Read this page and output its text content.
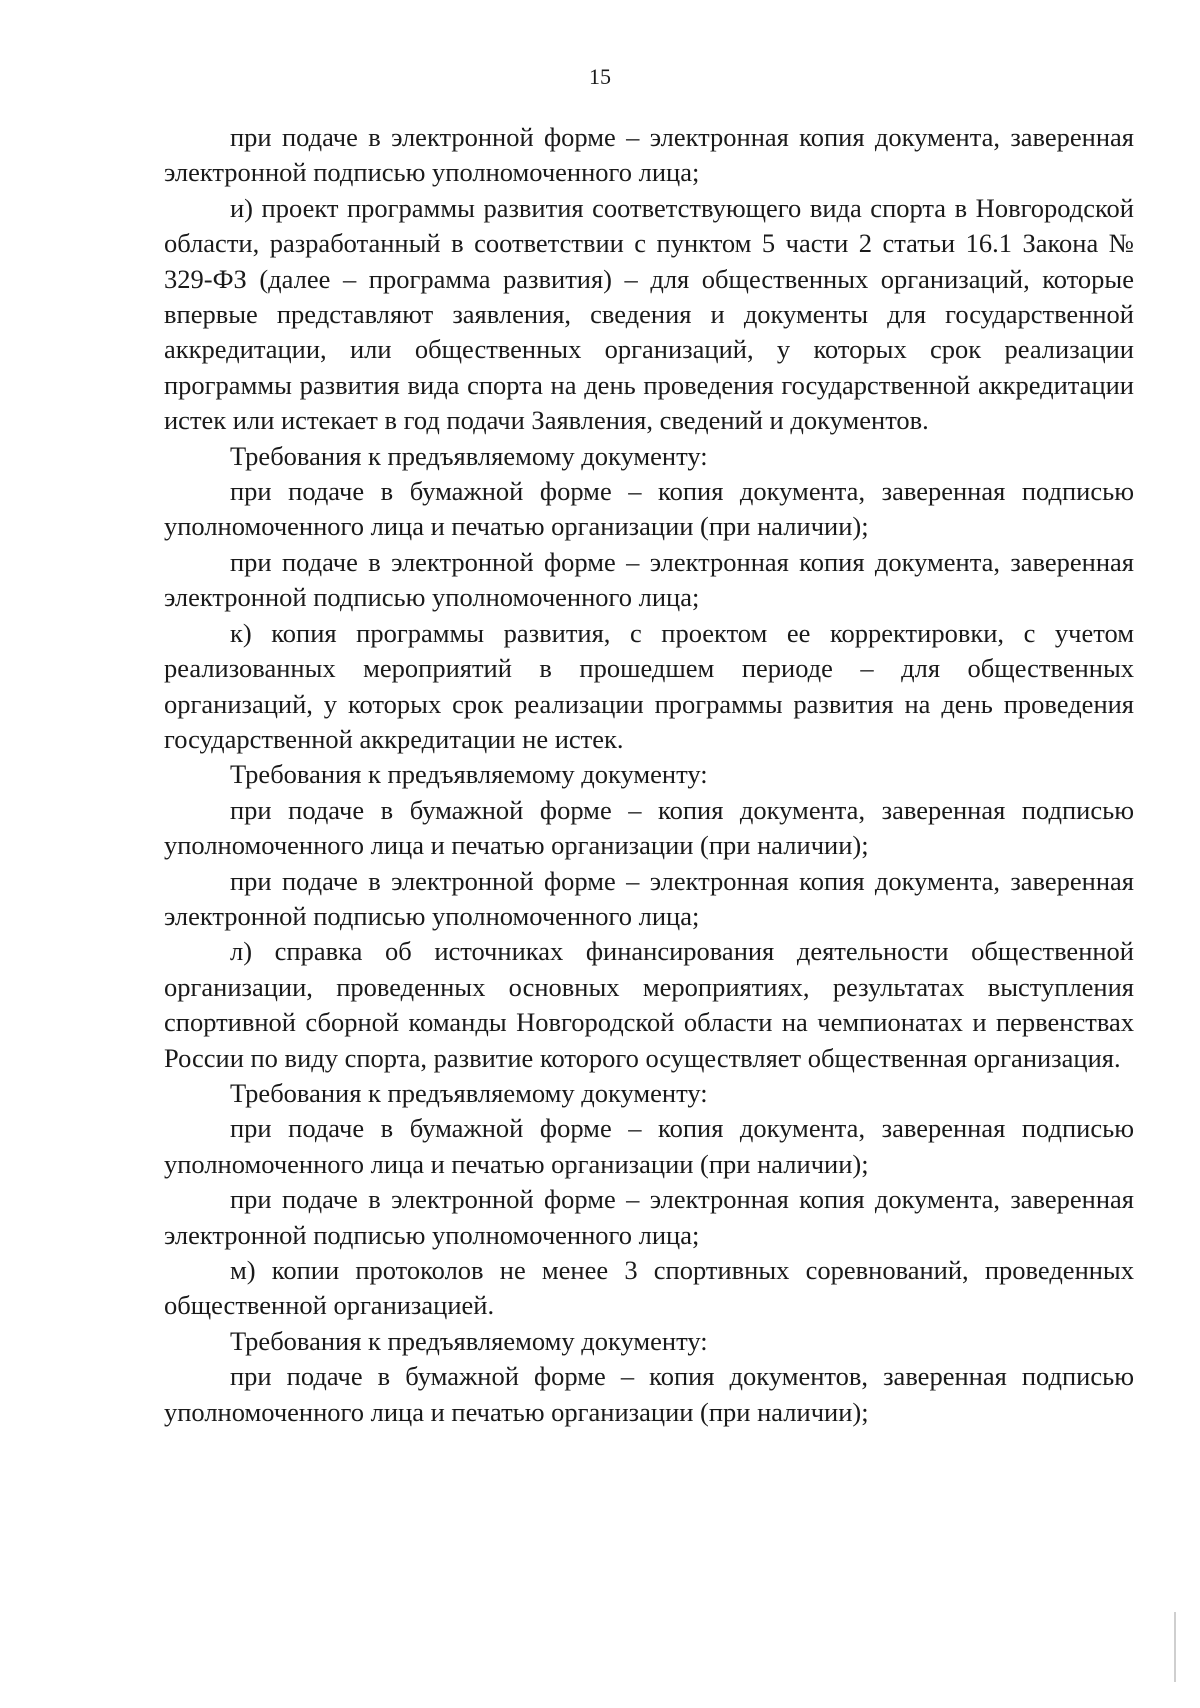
15

при подаче в электронной форме – электронная копия документа, заверенная электронной подписью уполномоченного лица;

и) проект программы развития соответствующего вида спорта в Новгородской области, разработанный в соответствии с пунктом 5 части 2 статьи 16.1 Закона № 329-ФЗ (далее – программа развития) – для общественных организаций, которые впервые представляют заявления, сведения и документы для государственной аккредитации, или общественных организаций, у которых срок реализации программы развития вида спорта на день проведения государственной аккредитации истек или истекает в год подачи Заявления, сведений и документов.

Требования к предъявляемому документу:

при подаче в бумажной форме – копия документа, заверенная подписью уполномоченного лица и печатью организации (при наличии);

при подаче в электронной форме – электронная копия документа, заверенная электронной подписью уполномоченного лица;

к) копия программы развития, с проектом ее корректировки, с учетом реализованных мероприятий в прошедшем периоде – для общественных организаций, у которых срок реализации программы развития на день проведения государственной аккредитации не истек.

Требования к предъявляемому документу:

при подаче в бумажной форме – копия документа, заверенная подписью уполномоченного лица и печатью организации (при наличии);

при подаче в электронной форме – электронная копия документа, заверенная электронной подписью уполномоченного лица;

л) справка об источниках финансирования деятельности общественной организации, проведенных основных мероприятиях, результатах выступления спортивной сборной команды Новгородской области на чемпионатах и первенствах России по виду спорта, развитие которого осуществляет общественная организация.

Требования к предъявляемому документу:

при подаче в бумажной форме – копия документа, заверенная подписью уполномоченного лица и печатью организации (при наличии);

при подаче в электронной форме – электронная копия документа, заверенная электронной подписью уполномоченного лица;

м) копии протоколов не менее 3 спортивных соревнований, проведенных общественной организацией.

Требования к предъявляемому документу:

при подаче в бумажной форме – копия документов, заверенная подписью уполномоченного лица и печатью организации (при наличии);
